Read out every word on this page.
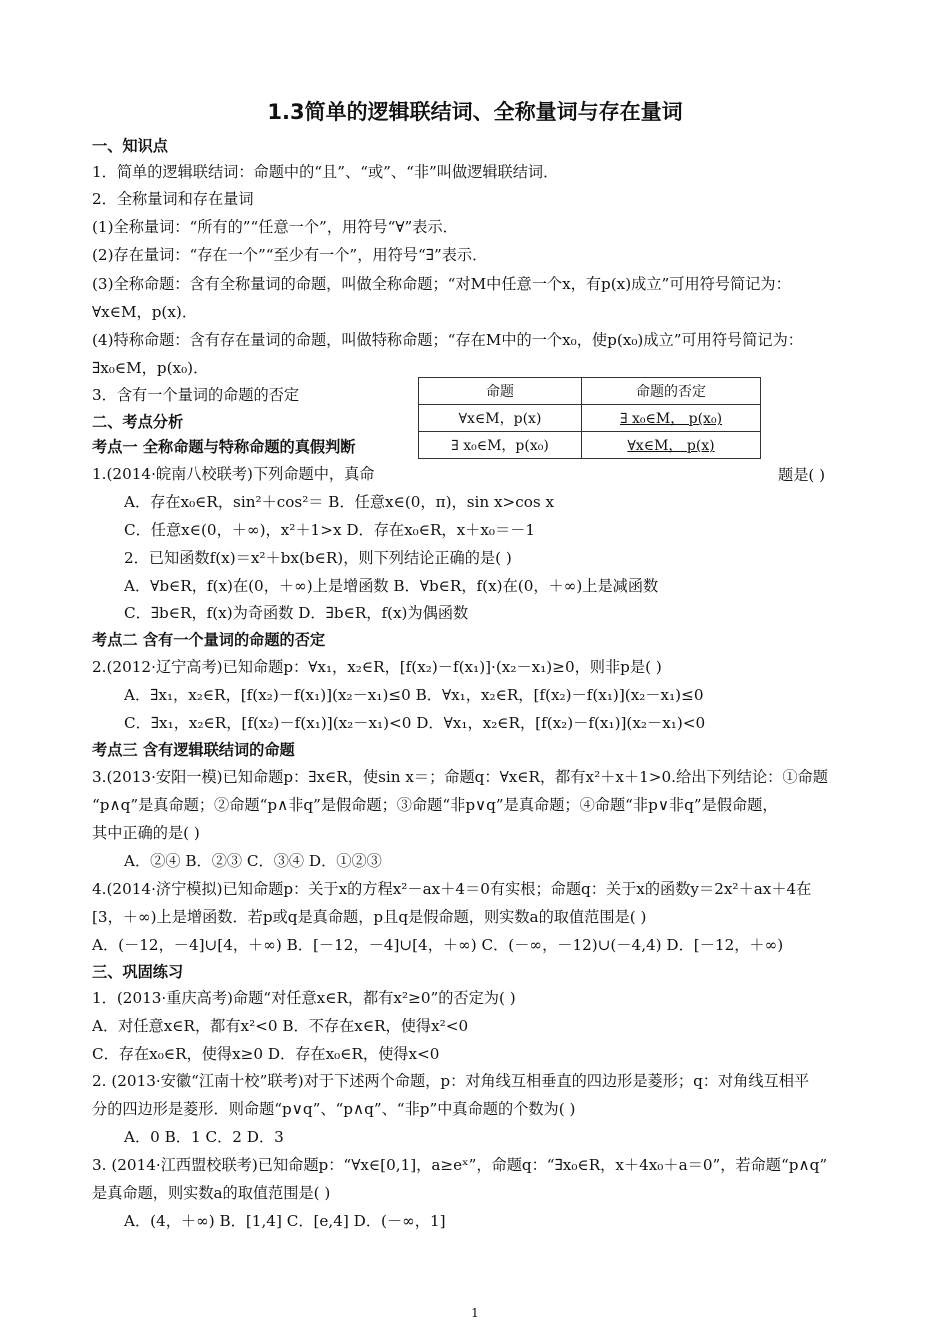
1.3简单的逻辑联结词、全称量词与存在量词
一、知识点
1．简单的逻辑联结词：命题中的“且”、“或”、“非”叫做逻辑联结词．
2．全称量词和存在量词
(1)全称量词：“所有的”“任意一个”，用符号“∀”表示．
(2)存在量词：“存在一个”“至少有一个”，用符号“∃”表示．
(3)全称命题：含有全称量词的命题，叫做全称命题；“对M中任意一个x，有p(x)成立”可用符号简记为：
∀x∈M，p(x)．
(4)特称命题：含有存在量词的命题，叫做特称命题；“存在M中的一个x₀，使p(x₀)成立”可用符号简记为：
∃x₀∈M，p(x₀)．
3．含有一个量词的命题的否定
二、考点分析
考点一 全称命题与特称命题的真假判断
1.(2014·皖南八校联考)下列命题中，真命
A．存在x₀∈R，sin²＋cos²＝ B．任意x∈(0，π)，sin x>cos x
C．任意x∈(0，＋∞)，x²＋1>x D．存在x₀∈R，x＋x₀＝－1
2．已知函数f(x)＝x²＋bx(b∈R)，则下列结论正确的是( )
A．∀b∈R，f(x)在(0，＋∞)上是增函数 B．∀b∈R，f(x)在(0，＋∞)上是减函数
C．∃b∈R，f(x)为奇函数 D．∃b∈R，f(x)为偶函数
考点二 含有一个量词的命题的否定
2.(2012·辽宁高考)已知命题p：∀x₁，x₂∈R，[f(x₂)－f(x₁)]·(x₂－x₁)≥0，则非p是( )
A．∃x₁，x₂∈R，[f(x₂)－f(x₁)](x₂－x₁)≤0 B．∀x₁，x₂∈R，[f(x₂)－f(x₁)](x₂－x₁)≤0
C．∃x₁，x₂∈R，[f(x₂)－f(x₁)](x₂－x₁)<0 D．∀x₁，x₂∈R，[f(x₂)－f(x₁)](x₂－x₁)<0
考点三 含有逻辑联结词的命题
3.(2013·安阳一模)已知命题p：∃x∈R，使sin x＝；命题q：∀x∈R，都有x²＋x＋1>0.给出下列结论：①命题
“p∧q”是真命题；②命题“p∧非q”是假命题；③命题“非p∨q”是真命题；④命题“非p∨非q”是假命题，
其中正确的是( )
A．②④ B．②③ C．③④ D．①②③
4.(2014·济宁模拟)已知命题p：关于x的方程x²－ax＋4＝0有实根；命题q：关于x的函数y＝2x²＋ax＋4在
[3，＋∞)上是增函数．若p或q是真命题，p且q是假命题，则实数a的取值范围是( )
A．(－12，－4]∪[4，＋∞) B．[－12，－4]∪[4，＋∞) C．(－∞，－12)∪(－4,4) D．[－12，＋∞)
三、巩固练习
1．(2013·重庆高考)命题“对任意x∈R，都有x²≥0”的否定为( )
A．对任意x∈R，都有x²<0 B．不存在x∈R，使得x²<0
C．存在x₀∈R，使得x≥0 D．存在x₀∈R，使得x<0
2. (2013·安徽“江南十校”联考)对于下述两个命题，p：对角线互相垂直的四边形是菱形；q：对角线互相平
分的四边形是菱形．则命题“p∨q”、“p∧q”、“非p”中真命题的个数为( )
A．0 B．1 C．2 D．3
3. (2014·江西盟校联考)已知命题p：“∀x∈[0,1]，a≥eˣ”，命题q：“∃x₀∈R，x＋4x₀＋a＝0”，若命题“p∧q”
是真命题，则实数a的取值范围是( )
A．(4，＋∞) B．[1,4] C．[e,4] D．(－∞，1]
题是( )
命题	命题的否定
∀x∈M，p(x)	∃ x₀∈M， p(x₀)
∃ x₀∈M，p(x₀)	∀x∈M， p(x)
1
